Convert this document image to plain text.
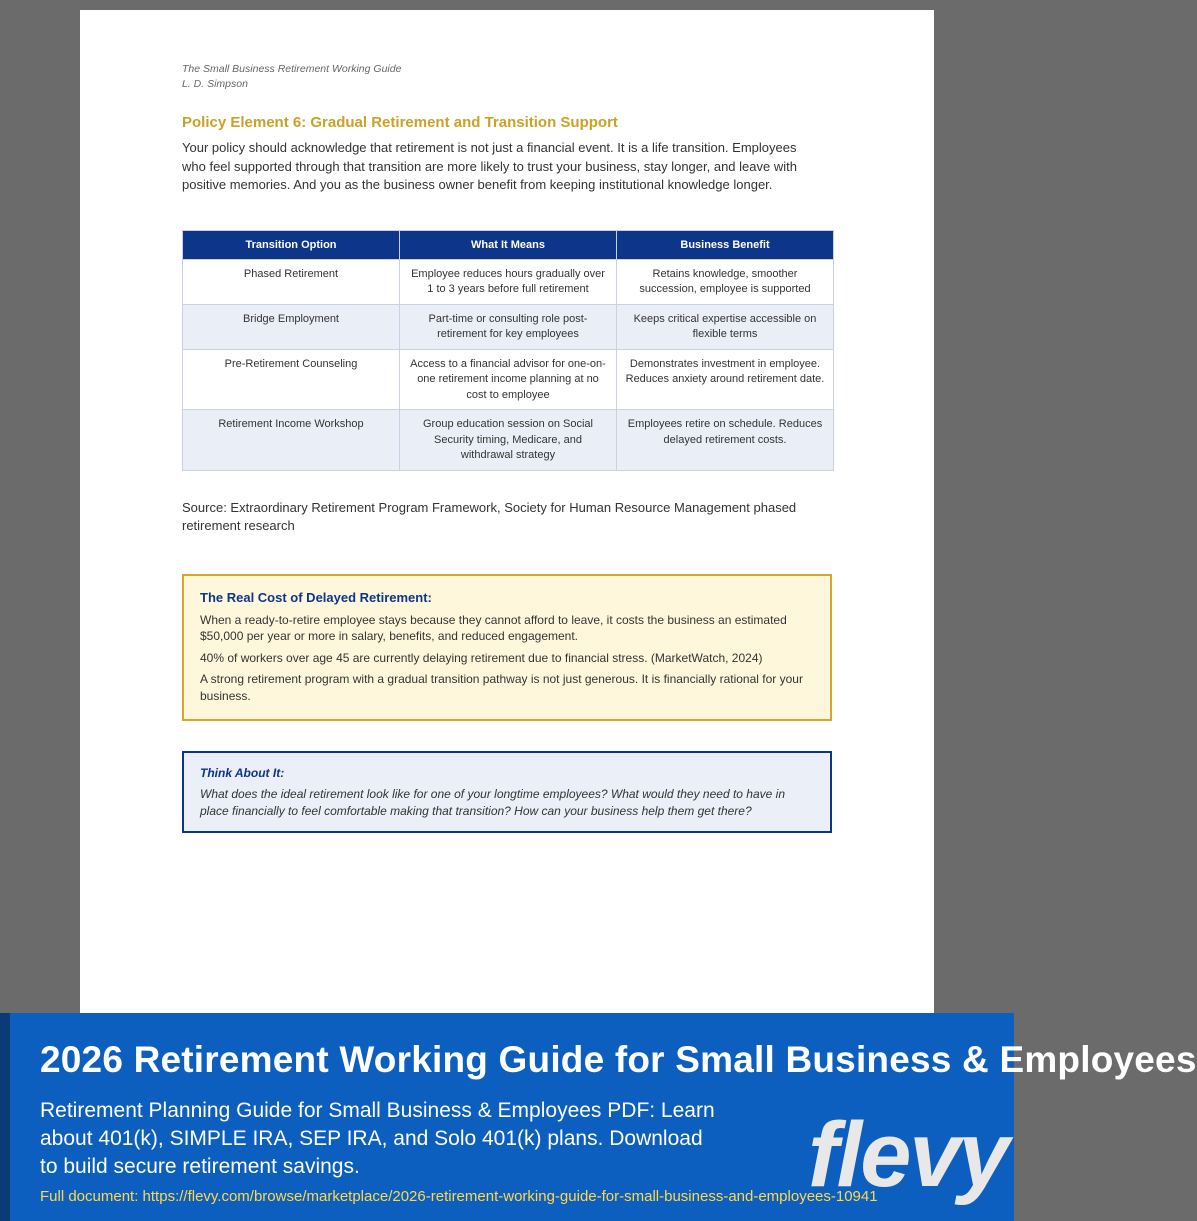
The Small Business Retirement Working Guide
L. D. Simpson
Policy Element 6: Gradual Retirement and Transition Support
Your policy should acknowledge that retirement is not just a financial event. It is a life transition. Employees who feel supported through that transition are more likely to trust your business, stay longer, and leave with positive memories. And you as the business owner benefit from keeping institutional knowledge longer.
Transition Option	What It Means	Business Benefit
Phased Retirement	Employee reduces hours gradually over 1 to 3 years before full retirement	Retains knowledge, smoother succession, employee is supported
Bridge Employment	Part-time or consulting role post-retirement for key employees	Keeps critical expertise accessible on flexible terms
Pre-Retirement Counseling	Access to a financial advisor for one-on-one retirement income planning at no cost to employee	Demonstrates investment in employee. Reduces anxiety around retirement date.
Retirement Income Workshop	Group education session on Social Security timing, Medicare, and withdrawal strategy	Employees retire on schedule. Reduces delayed retirement costs.
Source: Extraordinary Retirement Program Framework, Society for Human Resource Management phased retirement research
The Real Cost of Delayed Retirement:

When a ready-to-retire employee stays because they cannot afford to leave, it costs the business an estimated $50,000 per year or more in salary, benefits, and reduced engagement.

40% of workers over age 45 are currently delaying retirement due to financial stress. (MarketWatch, 2024)

A strong retirement program with a gradual transition pathway is not just generous. It is financially rational for your business.

Think About It:
What does the ideal retirement look like for one of your longtime employees? What would they need to have in place financially to feel comfortable making that transition? How can your business help them get there?
2026 Retirement Working Guide for Small Business & Employees
Retirement Planning Guide for Small Business & Employees PDF: Learn about 401(k), SIMPLE IRA, SEP IRA, and Solo 401(k) plans. Download to build secure retirement savings.
Full document: https://flevy.com/browse/marketplace/2026-retirement-working-guide-for-small-business-and-employees-10941
flevy
